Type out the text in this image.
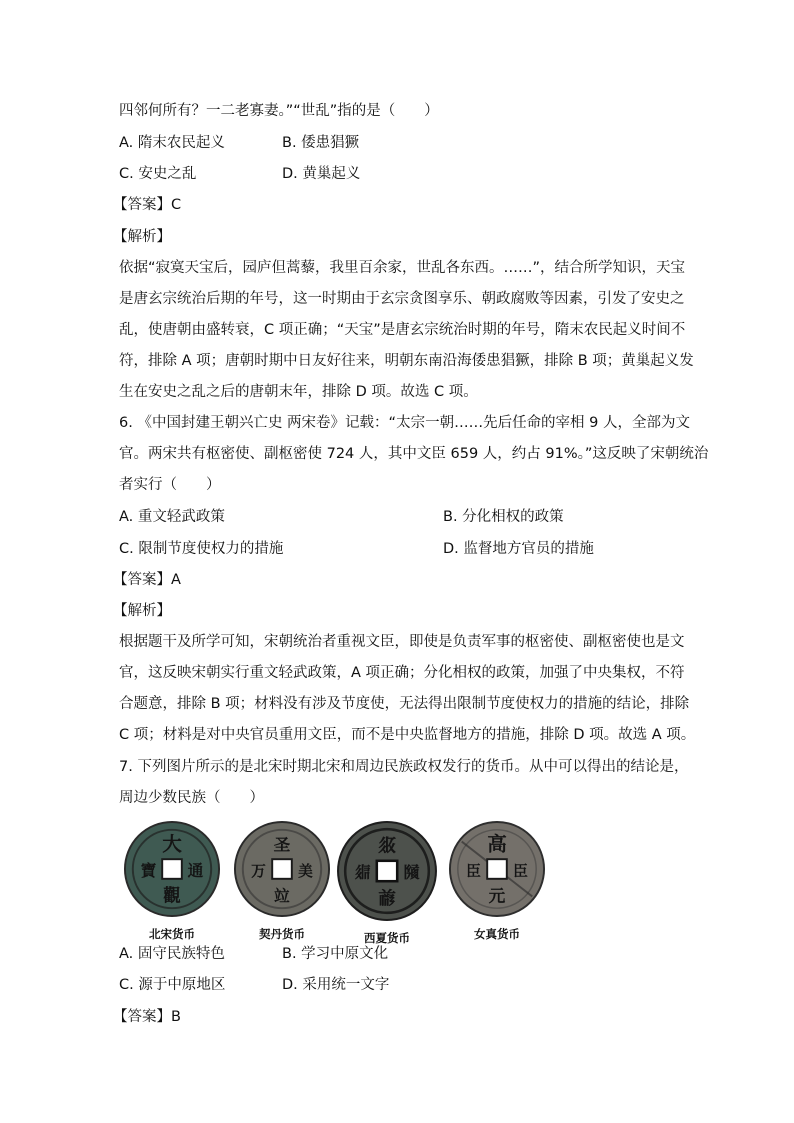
四邻何所有？一二老寡妻。”“世乱”指的是（　　）
A. 隋末农民起义	B. 倭患猖獗
C. 安史之乱	D. 黄巢起义
【答案】C
【解析】
依据“寂寞天宝后，园庐但蒿藜，我里百余家，世乱各东西。……”，结合所学知识，天宝
是唐玄宗统治后期的年号，这一时期由于玄宗贪图享乐、朝政腐败等因素，引发了安史之
乱，使唐朝由盛转衰，C 项正确；“天宝”是唐玄宗统治时期的年号，隋末农民起义时间不
符，排除 A 项；唐朝时期中日友好往来，明朝东南沿海倭患猖獗，排除 B 项；黄巢起义发
生在安史之乱之后的唐朝末年，排除 D 项。故选 C 项。
6. 《中国封建王朝兴亡史 两宋卷》记载：“太宗一朝……先后任命的宰相 9 人，全部为文
官。两宋共有枢密使、副枢密使 724 人，其中文臣 659 人，约占 91%。”这反映了宋朝统治
者实行（　　）
A. 重文轻武政策	B. 分化相权的政策
C. 限制节度使权力的措施	D. 监督地方官员的措施
【答案】A
【解析】
根据题干及所学可知，宋朝统治者重视文臣，即使是负责军事的枢密使、副枢密使也是文
官，这反映宋朝实行重文轻武政策，A 项正确；分化相权的政策，加强了中央集权，不符
合题意，排除 B 项；材料没有涉及节度使，无法得出限制节度使权力的措施的结论，排除
C 项；材料是对中央官员重用文臣，而不是中央监督地方的措施，排除 D 项。故选 A 项。
7. 下列图片所示的是北宋时期北宋和周边民族政权发行的货币。从中可以得出的结论是，
周边少数民族（　　）
大
通
觀
寶
北宋货币
圣
美
竝
万
契丹货币
𗼇
𗂧
𗑗
𗤋
西夏货币
高
臣
元
臣
女真货币
A. 固守民族特色	B. 学习中原文化
C. 源于中原地区	D. 采用统一文字
【答案】B
